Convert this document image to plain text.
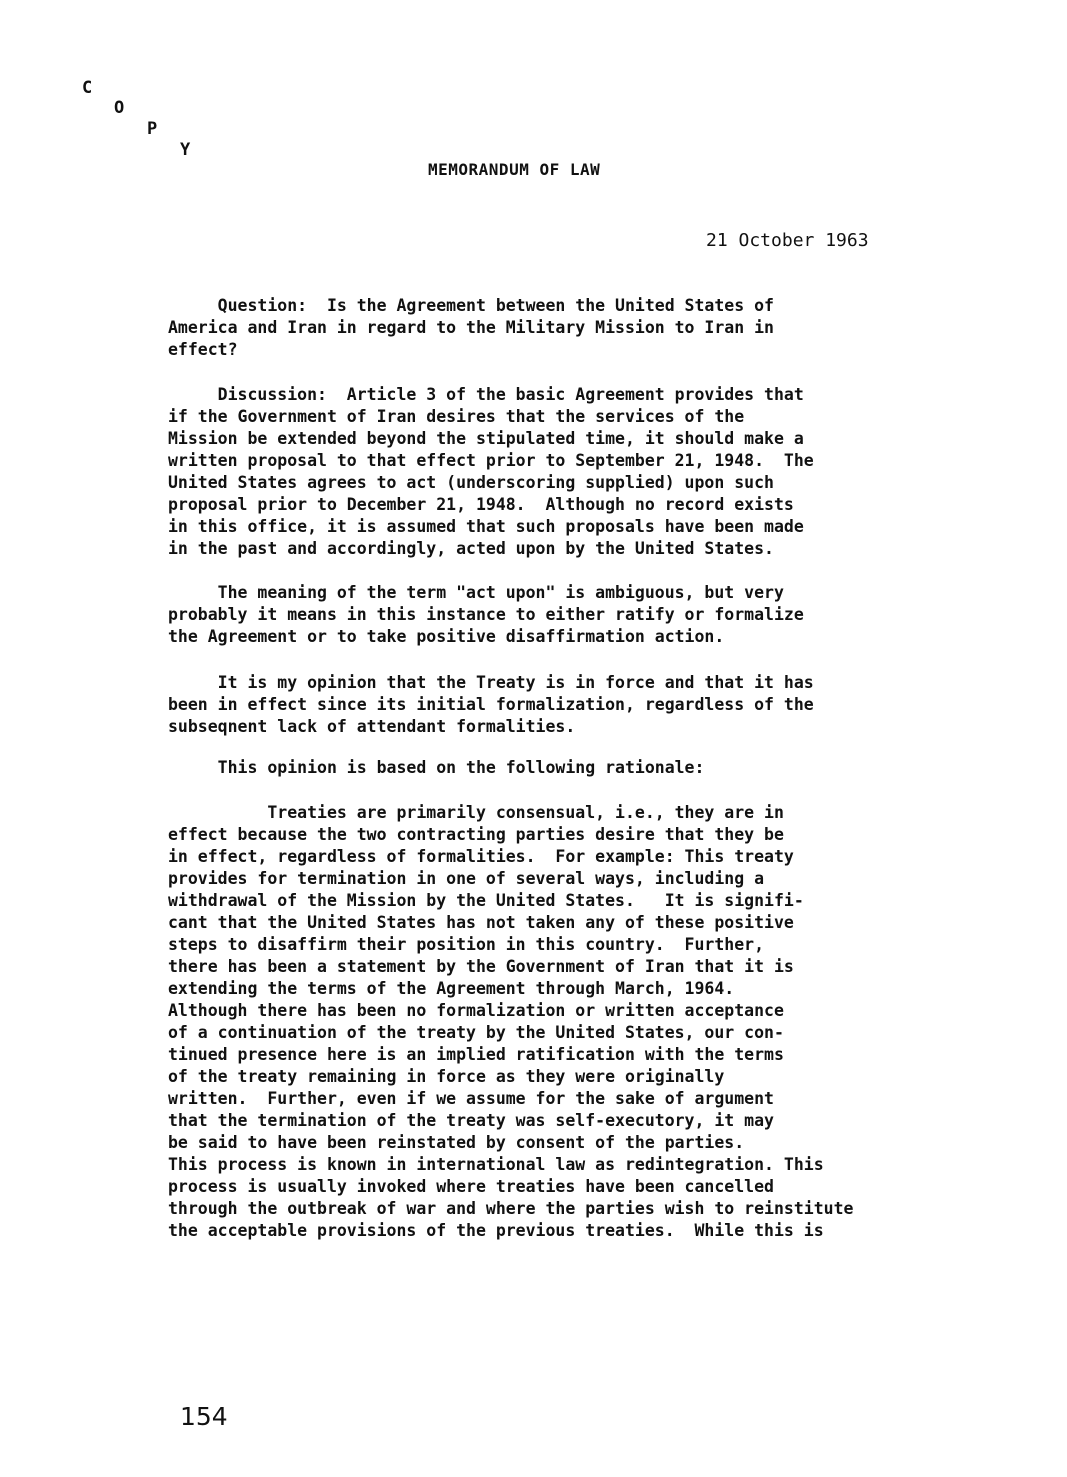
C
O
P
Y
MEMORANDUM OF LAW
21 October 1963
Question:  Is the Agreement between the United States of
America and Iran in regard to the Military Mission to Iran in
effect?
Discussion:  Article 3 of the basic Agreement provides that
if the Government of Iran desires that the services of the
Mission be extended beyond the stipulated time, it should make a
written proposal to that effect prior to September 21, 1948.  The
United States agrees to act (underscoring supplied) upon such
proposal prior to December 21, 1948.  Although no record exists
in this office, it is assumed that such proposals have been made
in the past and accordingly, acted upon by the United States.
The meaning of the term "act upon" is ambiguous, but very
probably it means in this instance to either ratify or formalize
the Agreement or to take positive disaffirmation action.
It is my opinion that the Treaty is in force and that it has
been in effect since its initial formalization, regardless of the
subseqnent lack of attendant formalities.
This opinion is based on the following rationale:
Treaties are primarily consensual, i.e., they are in
effect because the two contracting parties desire that they be
in effect, regardless of formalities.  For example: This treaty
provides for termination in one of several ways, including a
withdrawal of the Mission by the United States.   It is signifi-
cant that the United States has not taken any of these positive
steps to disaffirm their position in this country.  Further,
there has been a statement by the Government of Iran that it is
extending the terms of the Agreement through March, 1964.
Although there has been no formalization or written acceptance
of a continuation of the treaty by the United States, our con-
tinued presence here is an implied ratification with the terms
of the treaty remaining in force as they were originally
written.  Further, even if we assume for the sake of argument
that the termination of the treaty was self-executory, it may
be said to have been reinstated by consent of the parties.
This process is known in international law as redintegration. This
process is usually invoked where treaties have been cancelled
through the outbreak of war and where the parties wish to reinstitute
the acceptable provisions of the previous treaties.  While this is
154
